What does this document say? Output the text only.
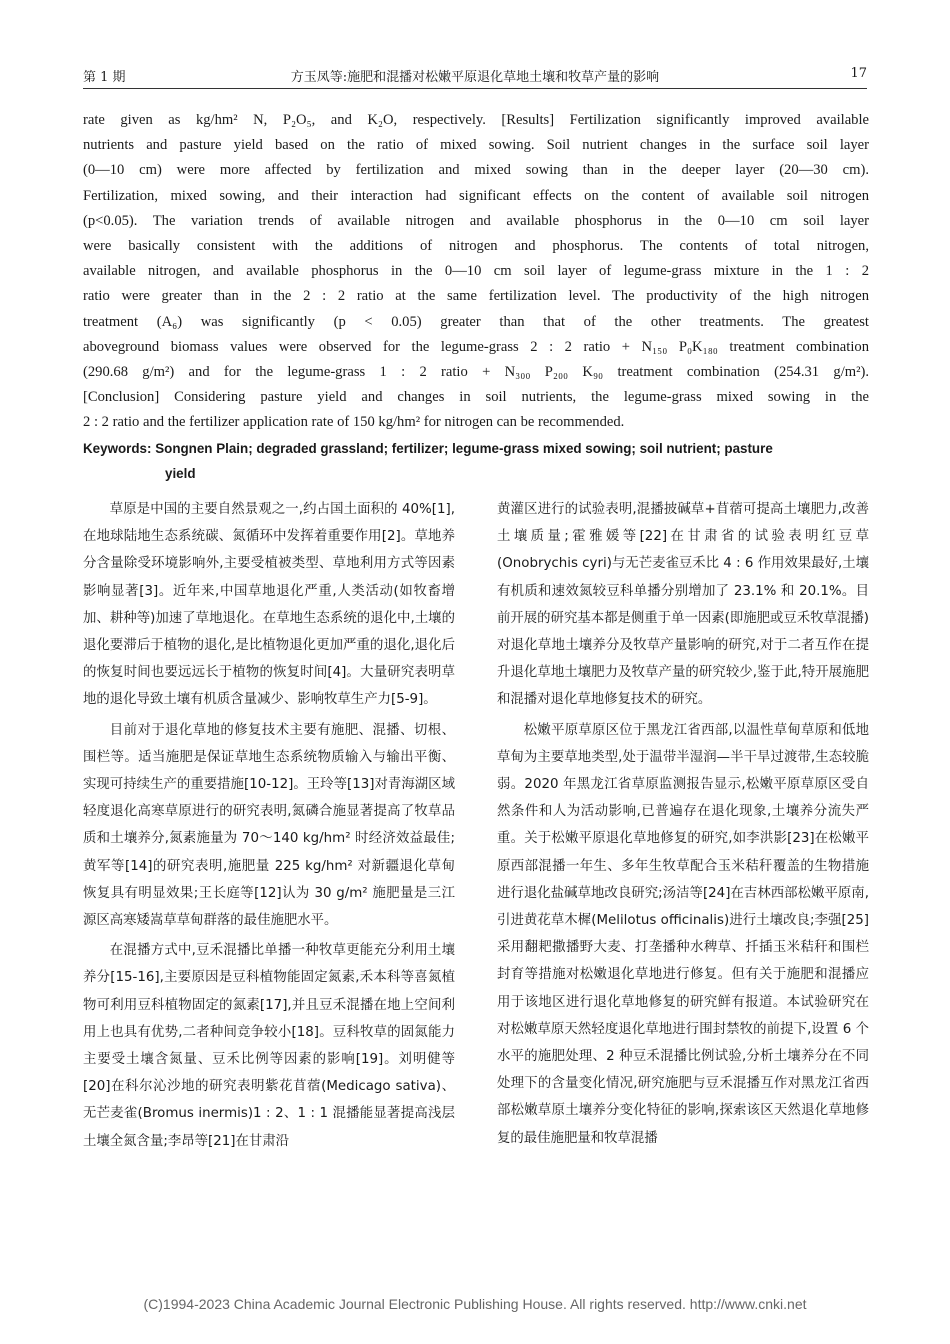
第 1 期	方玉凤等:施肥和混播对松嫩平原退化草地土壤和牧草产量的影响	17
rate given as kg/hm² N, P₂O₅, and K₂O, respectively. [Results] Fertilization significantly improved available
nutrients and pasture yield based on the ratio of mixed sowing. Soil nutrient changes in the surface soil layer
(0—10 cm) were more affected by fertilization and mixed sowing than in the deeper layer (20—30 cm).
Fertilization, mixed sowing, and their interaction had significant effects on the content of available soil nitrogen
(p<0.05). The variation trends of available nitrogen and available phosphorus in the 0—10 cm soil layer
were basically consistent with the additions of nitrogen and phosphorus. The contents of total nitrogen,
available nitrogen, and available phosphorus in the 0—10 cm soil layer of legume-grass mixture in the 1 : 2
ratio were greater than in the 2 : 2 ratio at the same fertilization level. The productivity of the high nitrogen
treatment (A₆) was significantly (p < 0.05) greater than that of the other treatments. The greatest
aboveground biomass values were observed for the legume-grass 2 : 2 ratio + N₁₅₀ P₀K₁₈₀ treatment combination
(290.68 g/m²) and for the legume-grass 1 : 2 ratio + N₃₀₀ P₂₀₀ K₉₀ treatment combination (254.31 g/m²).
[Conclusion] Considering pasture yield and changes in soil nutrients, the legume-grass mixed sowing in the
2 : 2 ratio and the fertilizer application rate of 150 kg/hm² for nitrogen can be recommended.
Keywords: Songnen Plain; degraded grassland; fertilizer; legume-grass mixed sowing; soil nutrient; pasture
yield

草原是中国的主要自然景观之一,约占国土面积的 40%[1],在地球陆地生态系统碳、氮循环中发挥着重要作用[2]。草地养分含量除受环境影响外,主要受植被类型、草地利用方式等因素影响显著[3]。近年来,中国草地退化严重,人类活动(如牧畜增加、耕种等)加速了草地退化。在草地生态系统的退化中,土壤的退化要滞后于植物的退化,是比植物退化更加严重的退化,退化后的恢复时间也要远远长于植物的恢复时间[4]。大量研究表明草地的退化导致土壤有机质含量减少、影响牧草生产力[5-9]。

目前对于退化草地的修复技术主要有施肥、混播、切根、围栏等。适当施肥是保证草地生态系统物质输入与输出平衡、实现可持续生产的重要措施[10-12]。王玲等[13]对青海湖区域轻度退化高寒草原进行的研究表明,氮磷合施显著提高了牧草品质和土壤养分,氮素施量为 70～140 kg/hm² 时经济效益最佳;黄军等[14]的研究表明,施肥量 225 kg/hm² 对新疆退化草甸恢复具有明显效果;王长庭等[12]认为 30 g/m² 施肥量是三江源区高寒矮嵩草草甸群落的最佳施肥水平。

在混播方式中,豆禾混播比单播一种牧草更能充分利用土壤养分[15-16],主要原因是豆科植物能固定氮素,禾本科等喜氮植物可利用豆科植物固定的氮素[17],并且豆禾混播在地上空间利用上也具有优势,二者种间竞争较小[18]。豆科牧草的固氮能力主要受土壤含氮量、豆禾比例等因素的影响[19]。刘明健等[20]在科尔沁沙地的研究表明紫花苜蓿(Medicago sativa)、无芒麦雀(Bromus inermis)1 : 2、1 : 1 混播能显著提高浅层土壤全氮含量;李昂等[21]在甘肃沿

黄灌区进行的试验表明,混播披碱草+苜蓿可提高土壤肥力,改善土壤质量;霍雅媛等[22]在甘肃省的试验表明红豆草(Onobrychis cyri)与无芒麦雀豆禾比 4 : 6 作用效果最好,土壤有机质和速效氮较豆科单播分别增加了 23.1% 和 20.1%。目前开展的研究基本都是侧重于单一因素(即施肥或豆禾牧草混播)对退化草地土壤养分及牧草产量影响的研究,对于二者互作在提升退化草地土壤肥力及牧草产量的研究较少,鉴于此,特开展施肥和混播对退化草地修复技术的研究。

松嫩平原草原区位于黑龙江省西部,以温性草甸草原和低地草甸为主要草地类型,处于温带半湿润—半干旱过渡带,生态较脆弱。2020 年黑龙江省草原监测报告显示,松嫩平原草原区受自然条件和人为活动影响,已普遍存在退化现象,土壤养分流失严重。关于松嫩平原退化草地修复的研究,如李洪影[23]在松嫩平原西部混播一年生、多年生牧草配合玉米秸秆覆盖的生物措施进行退化盐碱草地改良研究;汤洁等[24]在吉林西部松嫩平原南,引进黄花草木樨(Melilotus officinalis)进行土壤改良;李强[25]采用翻耙撒播野大麦、打垄播种水稗草、扦插玉米秸秆和围栏封育等措施对松嫩退化草地进行修复。但有关于施肥和混播应用于该地区进行退化草地修复的研究鲜有报道。本试验研究在对松嫩草原天然轻度退化草地进行围封禁牧的前提下,设置 6 个水平的施肥处理、2 种豆禾混播比例试验,分析土壤养分在不同处理下的含量变化情况,研究施肥与豆禾混播互作对黑龙江省西部松嫩草原土壤养分变化特征的影响,探索该区天然退化草地修复的最佳施肥量和牧草混播

(C)1994-2023 China Academic Journal Electronic Publishing House. All rights reserved. http://www.cnki.net
